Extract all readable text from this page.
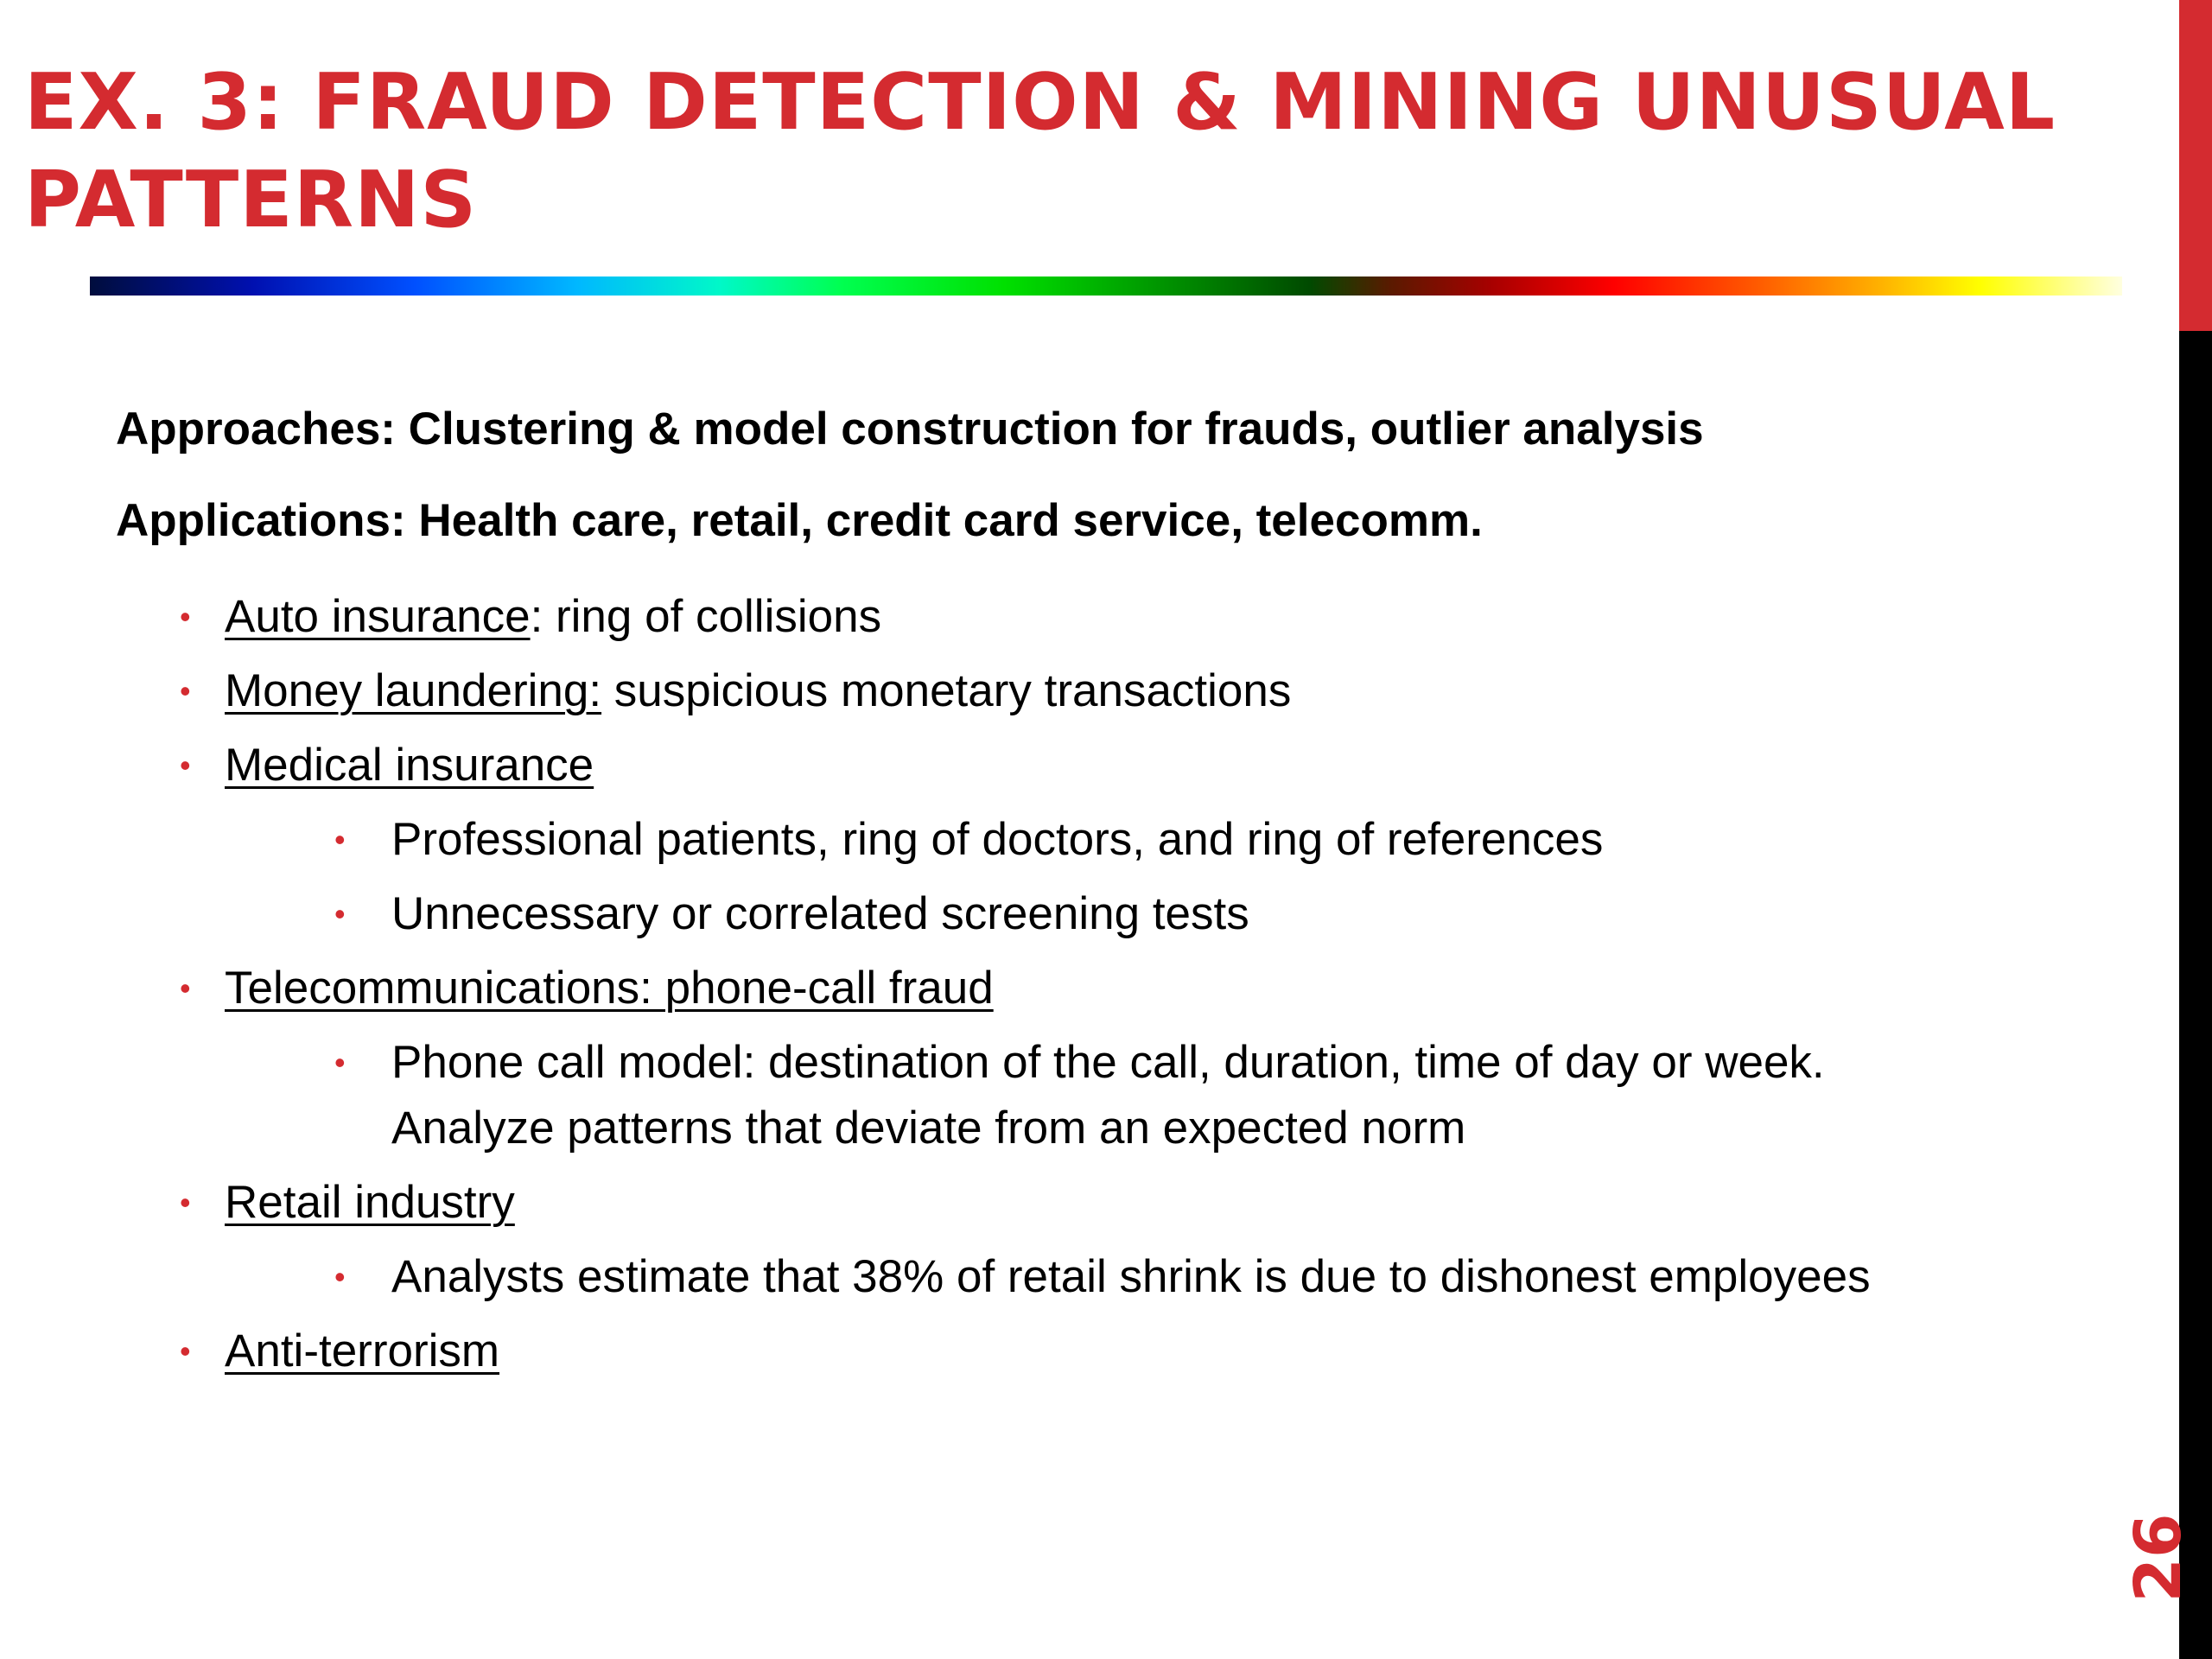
EX. 3: FRAUD DETECTION & MINING UNUSUAL
PATTERNS

Approaches: Clustering & model construction for frauds, outlier analysis

Applications: Health care, retail, credit card service, telecomm.

• Auto insurance: ring of collisions
• Money laundering: suspicious monetary transactions
• Medical insurance
• Professional patients, ring of doctors, and ring of references
• Unnecessary or correlated screening tests
• Telecommunications: phone-call fraud
• Phone call model: destination of the call, duration, time of day or week.
Analyze patterns that deviate from an expected norm
• Retail industry
• Analysts estimate that 38% of retail shrink is due to dishonest employees
• Anti-terrorism
26
